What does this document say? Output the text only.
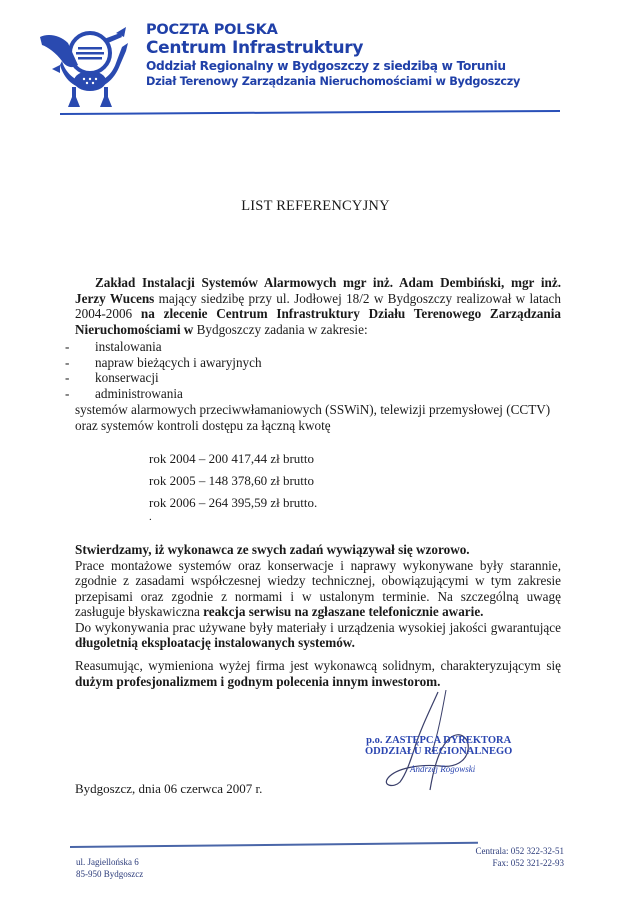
POCZTA POLSKA
Centrum Infrastruktury
Oddział Regionalny w Bydgoszczy z siedzibą w Toruniu
Dział Terenowy Zarządzania Nieruchomościami w Bydgoszczy
LIST REFERENCYJNY
Zakład Instalacji Systemów Alarmowych mgr inż. Adam Dembiński, mgr inż. Jerzy Wucens mający siedzibę przy ul. Jodłowej 18/2 w Bydgoszczy realizował w latach 2004-2006 na zlecenie Centrum Infrastruktury Działu Terenowego Zarządzania Nieruchomościami w Bydgoszczy zadania w zakresie:
-	instalowania
-	napraw bieżących i awaryjnych
-	konserwacji
-	administrowania
systemów alarmowych przeciwwłamaniowych (SSWiN), telewizji przemysłowej (CCTV) oraz systemów kontroli dostępu za łączną kwotę
rok 2004 – 200 417,44 zł brutto
rok 2005 – 148 378,60 zł brutto
rok 2006 – 264 395,59 zł brutto.
.
Stwierdzamy, iż wykonawca ze swych zadań wywiązywał się wzorowo.
Prace montażowe systemów oraz konserwacje i naprawy wykonywane były starannie, zgodnie z zasadami współczesnej wiedzy technicznej, obowiązującymi w tym zakresie przepisami oraz zgodnie z normami i w ustalonym terminie. Na szczególną uwagę zasługuje błyskawiczna reakcja serwisu na zgłaszane telefonicznie awarie.
Do wykonywania prac używane były materiały i urządzenia wysokiej jakości gwarantujące długoletnią eksploatację instalowanych systemów.
Reasumując, wymieniona wyżej firma jest wykonawcą solidnym, charakteryzującym się dużym profesjonalizmem i godnym polecenia innym inwestorom.
p.o. ZASTĘPCA DYREKTORA
ODDZIAŁU REGIONALNEGO
Andrzej Rogowski
Bydgoszcz, dnia 06 czerwca 2007 r.
ul. Jagiellońska 6
85-950 Bydgoszcz
Centrala: 052 322-32-51
Fax: 052 321-22-93
